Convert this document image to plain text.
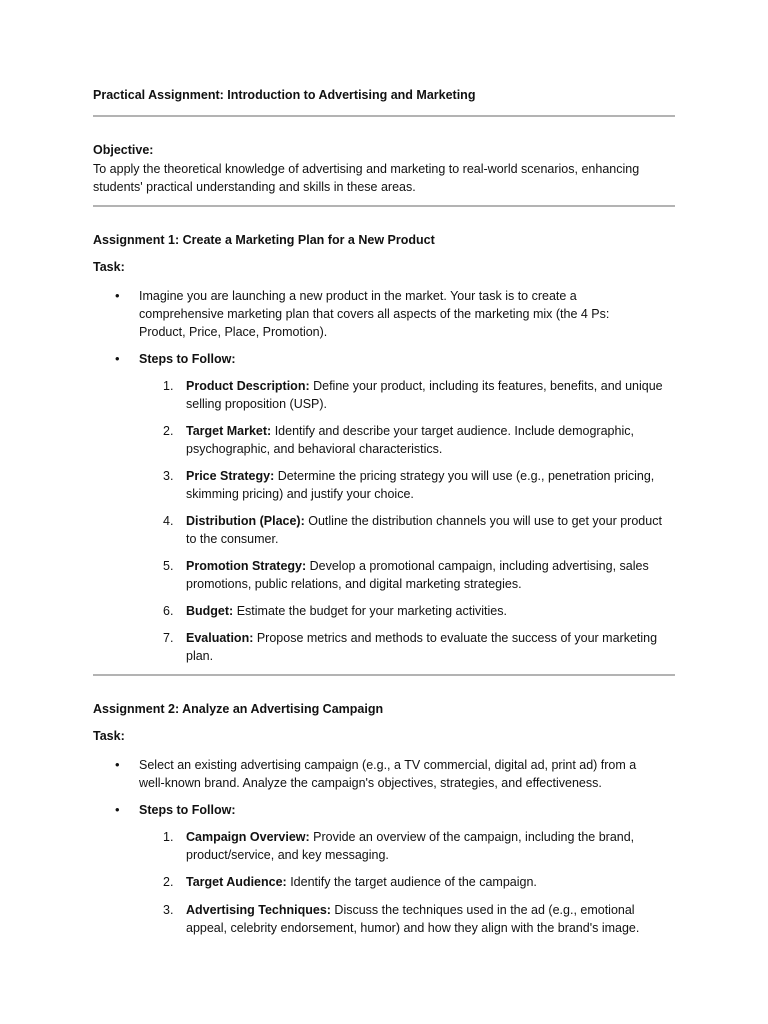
Practical Assignment: Introduction to Advertising and Marketing
Objective:

To apply the theoretical knowledge of advertising and marketing to real-world scenarios, enhancing students' practical understanding and skills in these areas.

Assignment 1: Create a Marketing Plan for a New Product
Task:
• Imagine you are launching a new product in the market. Your task is to create a comprehensive marketing plan that covers all aspects of the marketing mix (the 4 Ps: Product, Price, Place, Promotion).
• Steps to Follow:
1. Product Description: Define your product, including its features, benefits, and unique selling proposition (USP).
2. Target Market: Identify and describe your target audience. Include demographic, psychographic, and behavioral characteristics.
3. Price Strategy: Determine the pricing strategy you will use (e.g., penetration pricing, skimming pricing) and justify your choice.
4. Distribution (Place): Outline the distribution channels you will use to get your product to the consumer.
5. Promotion Strategy: Develop a promotional campaign, including advertising, sales promotions, public relations, and digital marketing strategies.
6. Budget: Estimate the budget for your marketing activities.
7. Evaluation: Propose metrics and methods to evaluate the success of your marketing plan.
Assignment 2: Analyze an Advertising Campaign
Task:
• Select an existing advertising campaign (e.g., a TV commercial, digital ad, print ad) from a well-known brand. Analyze the campaign's objectives, strategies, and effectiveness.
• Steps to Follow:
1. Campaign Overview: Provide an overview of the campaign, including the brand, product/service, and key messaging.
2. Target Audience: Identify the target audience of the campaign.
3. Advertising Techniques: Discuss the techniques used in the ad (e.g., emotional appeal, celebrity endorsement, humor) and how they align with the brand's image.
